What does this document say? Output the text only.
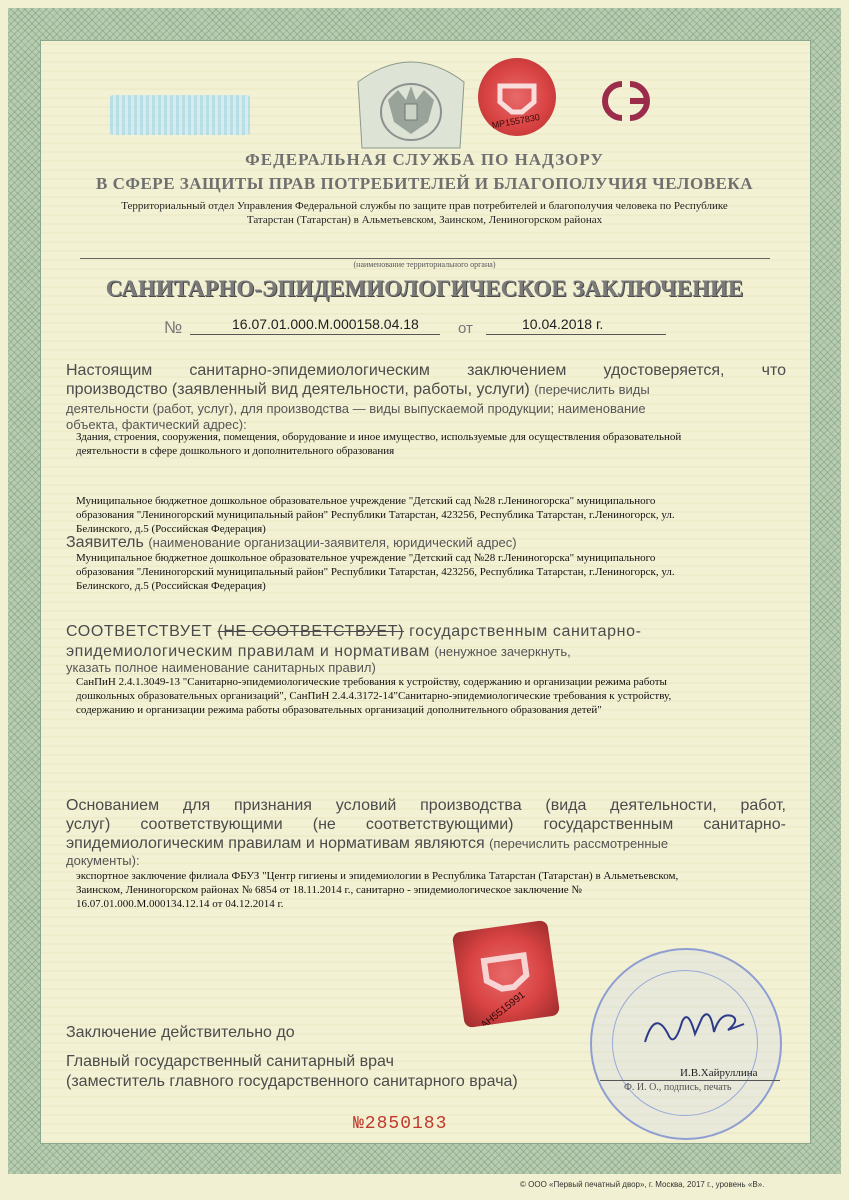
MP1557830
ФЕДЕРАЛЬНАЯ СЛУЖБА ПО НАДЗОРУ
В СФЕРЕ ЗАЩИТЫ ПРАВ ПОТРЕБИТЕЛЕЙ И БЛАГОПОЛУЧИЯ ЧЕЛОВЕКА
Территориальный отдел Управления Федеральной службы по защите прав потребителей и благополучия человека по Республике
Татарстан (Татарстан) в Альметьевском, Заинском, Лениногорском районах
(наименование территориального органа)
САНИТАРНО-ЭПИДЕМИОЛОГИЧЕСКОЕ ЗАКЛЮЧЕНИЕ
№	16.07.01.000.М.000158.04.18	от	10.04.2018 г.
Настоящим санитарно-эпидемиологическим заключением удостоверяется, что
производство (заявленный вид деятельности, работы, услуги) (перечислить виды
деятельности (работ, услуг), для производства — виды выпускаемой продукции; наименование
объекта, фактический адрес):
Здания, строения, сооружения, помещения, оборудование и иное имущество, используемые для осуществления образовательной
деятельности в сфере дошкольного и дополнительного образования
Муниципальное бюджетное дошкольное образовательное учреждение "Детский сад №28 г.Лениногорска" муниципального
образования "Лениногорский муниципальный район" Республики Татарстан, 423256, Республика Татарстан, г.Лениногорск, ул.
Белинского, д.5 (Российская Федерация)
Заявитель (наименование организации-заявителя, юридический адрес)
Муниципальное бюджетное дошкольное образовательное учреждение "Детский сад №28 г.Лениногорска" муниципального
образования "Лениногорский муниципальный район" Республики Татарстан, 423256, Республика Татарстан, г.Лениногорск, ул.
Белинского, д.5 (Российская Федерация)
СООТВЕТСТВУЕТ (НЕ СООТВЕТСТВУЕТ) государственным санитарно-
эпидемиологическим правилам и нормативам (ненужное зачеркнуть,
указать полное наименование санитарных правил)
СанПиН 2.4.1.3049-13 "Санитарно-эпидемиологические требования к устройству, содержанию и организации режима работы
дошкольных образовательных организаций", СанПиН 2.4.4.3172-14"Санитарно-эпидемиологические требования к устройству,
содержанию и организации режима работы образовательных организаций дополнительного образования детей"
Основанием для признания условий производства (вида деятельности, работ,
услуг) соответствующими (не соответствующими) государственным санитарно-
эпидемиологическим правилам и нормативам являются (перечислить рассмотренные
документы):
экспортное заключение филиала ФБУЗ "Центр гигиены и эпидемиологии в Республика Татарстан (Татарстан) в Альметьевском,
Заинском, Лениногорском районах № 6854 от 18.11.2014 г., санитарно - эпидемиологическое заключение №
16.07.01.000.М.000134.12.14 от 04.12.2014 г.
AH5515991
Заключение действительно до
Главный государственный санитарный врач
(заместитель главного государственного санитарного врача)	И.В.Хайруллина
Ф. И. О., подпись, печать
№2850183
© ООО «Первый печатный двор», г. Москва, 2017 г., уровень «В».
